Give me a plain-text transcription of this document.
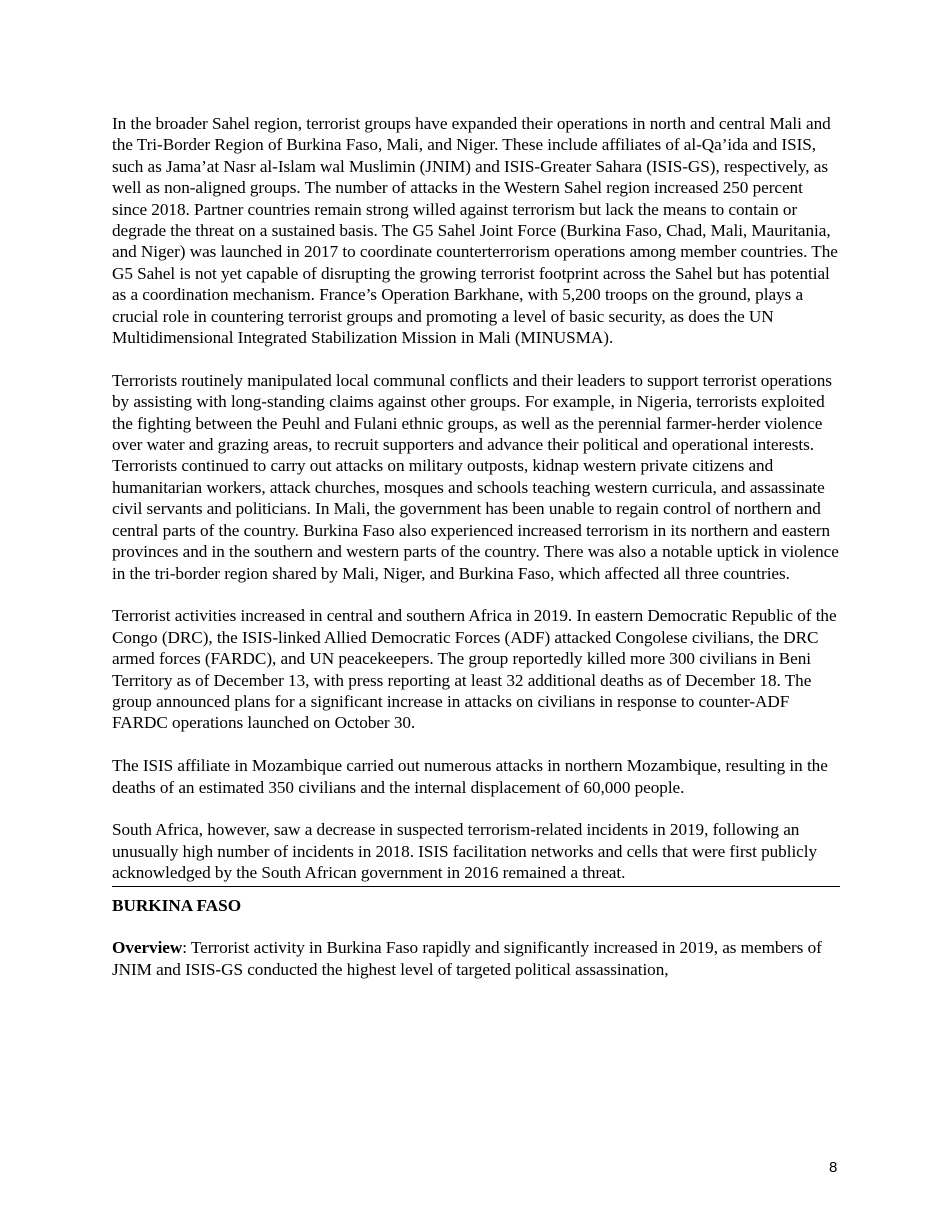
In the broader Sahel region, terrorist groups have expanded their operations in north and central Mali and the Tri-Border Region of Burkina Faso, Mali, and Niger. These include affiliates of al-Qa’ida and ISIS, such as Jama’at Nasr al-Islam wal Muslimin (JNIM) and ISIS-Greater Sahara (ISIS-GS), respectively, as well as non-aligned groups. The number of attacks in the Western Sahel region increased 250 percent since 2018. Partner countries remain strong willed against terrorism but lack the means to contain or degrade the threat on a sustained basis. The G5 Sahel Joint Force (Burkina Faso, Chad, Mali, Mauritania, and Niger) was launched in 2017 to coordinate counterterrorism operations among member countries. The G5 Sahel is not yet capable of disrupting the growing terrorist footprint across the Sahel but has potential as a coordination mechanism. France’s Operation Barkhane, with 5,200 troops on the ground, plays a crucial role in countering terrorist groups and promoting a level of basic security, as does the UN Multidimensional Integrated Stabilization Mission in Mali (MINUSMA).

Terrorists routinely manipulated local communal conflicts and their leaders to support terrorist operations by assisting with long-standing claims against other groups. For example, in Nigeria, terrorists exploited the fighting between the Peuhl and Fulani ethnic groups, as well as the perennial farmer-herder violence over water and grazing areas, to recruit supporters and advance their political and operational interests. Terrorists continued to carry out attacks on military outposts, kidnap western private citizens and humanitarian workers, attack churches, mosques and schools teaching western curricula, and assassinate civil servants and politicians. In Mali, the government has been unable to regain control of northern and central parts of the country. Burkina Faso also experienced increased terrorism in its northern and eastern provinces and in the southern and western parts of the country. There was also a notable uptick in violence in the tri-border region shared by Mali, Niger, and Burkina Faso, which affected all three countries.

Terrorist activities increased in central and southern Africa in 2019. In eastern Democratic Republic of the Congo (DRC), the ISIS-linked Allied Democratic Forces (ADF) attacked Congolese civilians, the DRC armed forces (FARDC), and UN peacekeepers. The group reportedly killed more 300 civilians in Beni Territory as of December 13, with press reporting at least 32 additional deaths as of December 18. The group announced plans for a significant increase in attacks on civilians in response to counter-ADF FARDC operations launched on October 30.

The ISIS affiliate in Mozambique carried out numerous attacks in northern Mozambique, resulting in the deaths of an estimated 350 civilians and the internal displacement of 60,000 people.

South Africa, however, saw a decrease in suspected terrorism-related incidents in 2019, following an unusually high number of incidents in 2018. ISIS facilitation networks and cells that were first publicly acknowledged by the South African government in 2016 remained a threat.

BURKINA FASO

Overview: Terrorist activity in Burkina Faso rapidly and significantly increased in 2019, as members of JNIM and ISIS-GS conducted the highest level of targeted political assassination,

8
